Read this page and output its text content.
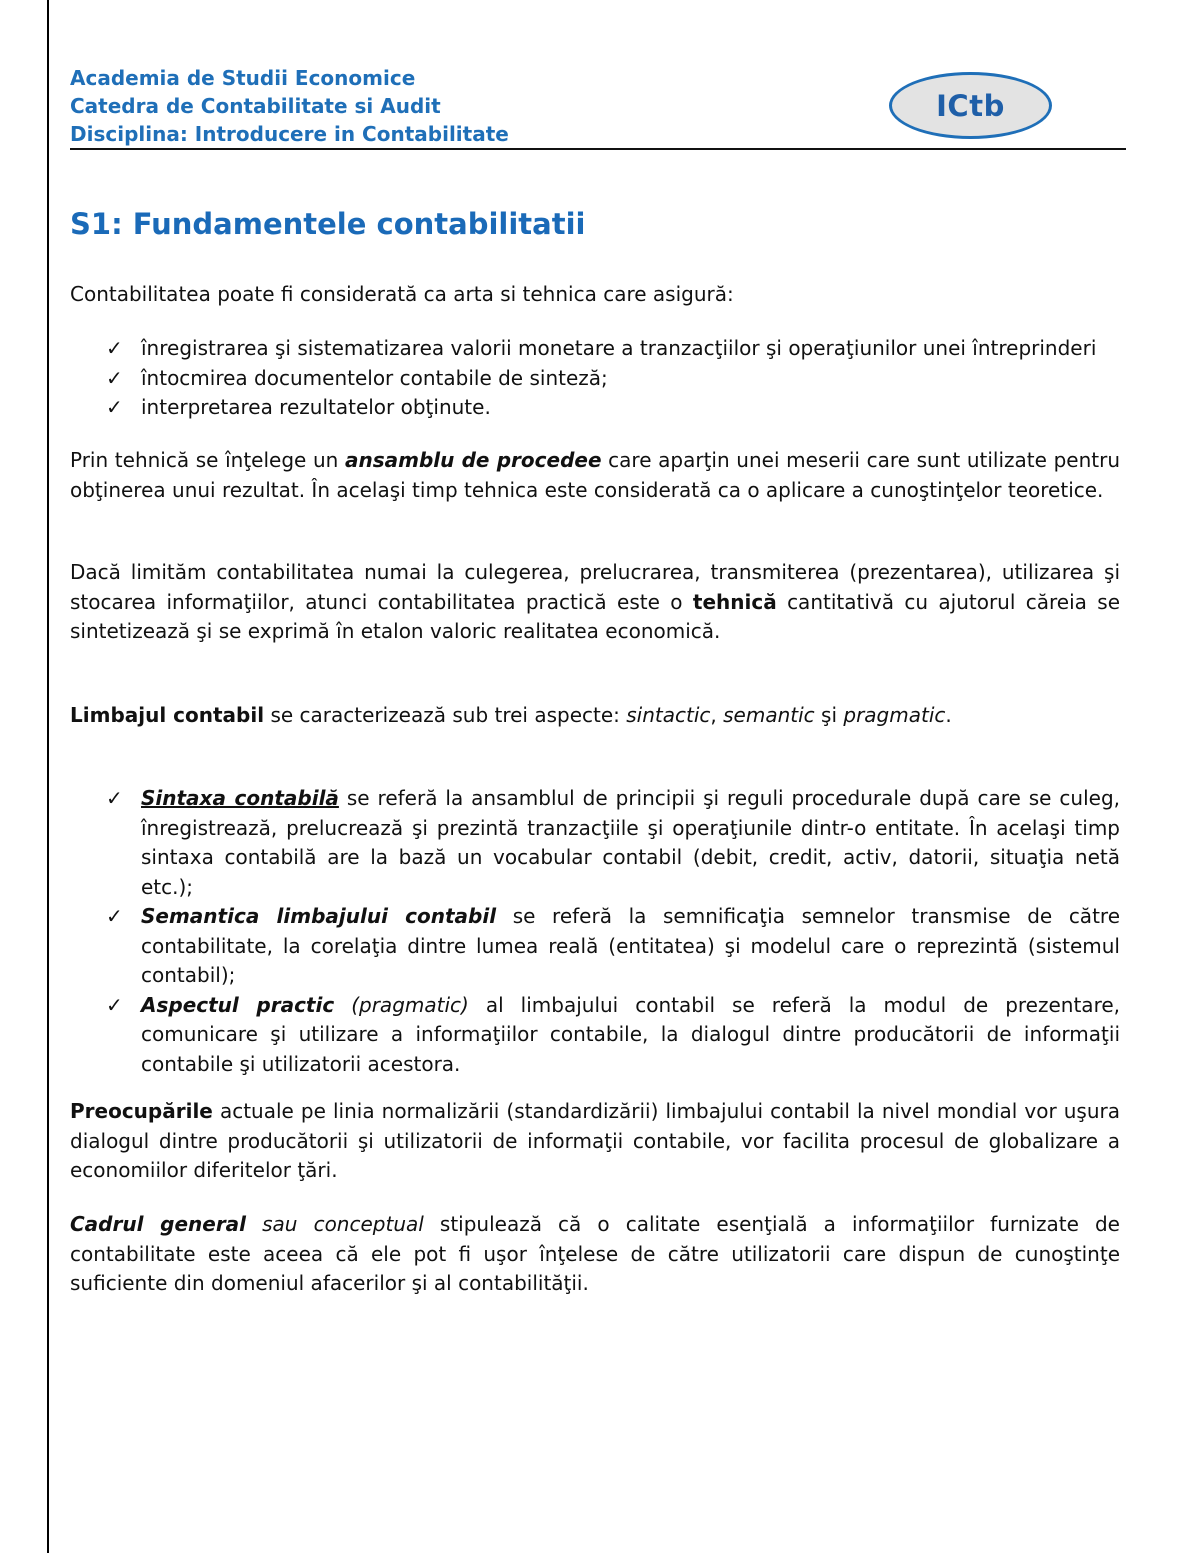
Academia de Studii Economice
Catedra de Contabilitate si Audit
Disciplina: Introducere in Contabilitate
ICtb
S1: Fundamentele contabilitatii

Contabilitatea poate fi considerată ca arta si tehnica care asigură:

✓ înregistrarea şi sistematizarea valorii monetare a tranzacţiilor şi operaţiunilor unei întreprinderi
✓ întocmirea documentelor contabile de sinteză;
✓ interpretarea rezultatelor obţinute.

Prin tehnică se înţelege un ansamblu de procedee care aparţin unei meserii care sunt utilizate pentru obţinerea unui rezultat. În acelaşi timp tehnica este considerată ca o aplicare a cunoştinţelor teoretice.

Dacă limităm contabilitatea numai la culegerea, prelucrarea, transmiterea (prezentarea), utilizarea şi stocarea informaţiilor, atunci contabilitatea practică este o tehnică cantitativă cu ajutorul căreia se sintetizează şi se exprimă în etalon valoric realitatea economică.

Limbajul contabil se caracterizează sub trei aspecte: sintactic, semantic şi pragmatic.

✓ Sintaxa contabilă se referă la ansamblul de principii şi reguli procedurale după care se culeg, înregistrează, prelucrează şi prezintă tranzacţiile şi operaţiunile dintr-o entitate. În acelaşi timp sintaxa contabilă are la bază un vocabular contabil (debit, credit, activ, datorii, situaţia netă etc.);
✓ Semantica limbajului contabil se referă la semnificaţia semnelor transmise de către contabilitate, la corelaţia dintre lumea reală (entitatea) şi modelul care o reprezintă (sistemul contabil);
✓ Aspectul practic (pragmatic) al limbajului contabil se referă la modul de prezentare, comunicare şi utilizare a informaţiilor contabile, la dialogul dintre producătorii de informaţii contabile şi utilizatorii acestora.

Preocupările actuale pe linia normalizării (standardizării) limbajului contabil la nivel mondial vor uşura dialogul dintre producătorii şi utilizatorii de informaţii contabile, vor facilita procesul de globalizare a economiilor diferitelor ţări.

Cadrul general sau conceptual stipulează că o calitate esenţială a informaţiilor furnizate de contabilitate este aceea că ele pot fi uşor înţelese de către utilizatorii care dispun de cunoştinţe suficiente din domeniul afacerilor şi al contabilităţii.
